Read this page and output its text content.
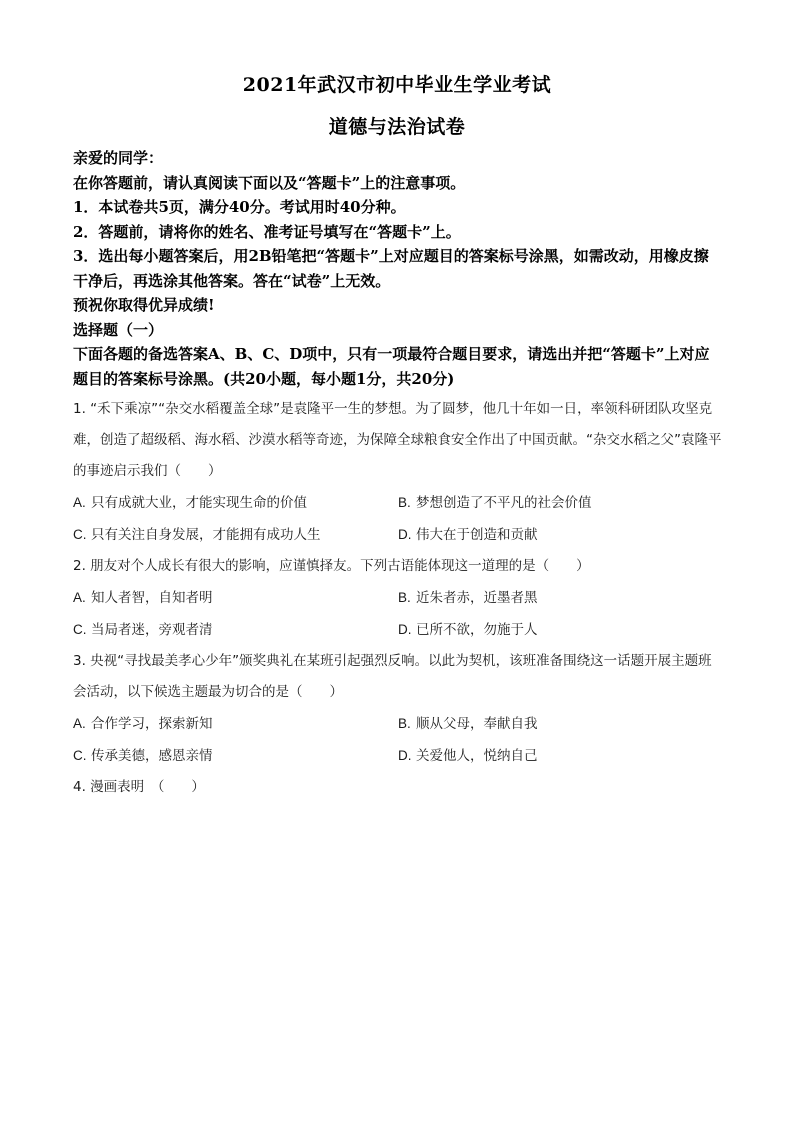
2021年武汉市初中毕业生学业考试
道德与法治试卷

亲爱的同学：

在你答题前，请认真阅读下面以及“答题卡”上的注意事项。

1．本试卷共5页，满分40分。考试用时40分种。

2．答题前，请将你的姓名、准考证号填写在“答题卡”上。

3．选出每小题答案后，用2B铅笔把“答题卡”上对应题目的答案标号涂黑，如需改动，用橡皮擦干净后，再选涂其他答案。答在“试卷”上无效。

预祝你取得优异成绩!

选择题（一）

下面各题的备选答案A、B、C、D项中，只有一项最符合题目要求，请选出并把“答题卡”上对应题目的答案标号涂黑。(共20小题，每小题1分，共20分)

1. “禾下乘凉”“杂交水稻覆盖全球”是袁隆平一生的梦想。为了圆梦，他几十年如一日，率领科研团队攻坚克难，创造了超级稻、海水稻、沙漠水稻等奇迹，为保障全球粮食安全作出了中国贡献。“杂交水稻之父”袁隆平的事迹启示我们（　　）

A. 只有成就大业，才能实现生命的价值	B. 梦想创造了不平凡的社会价值
C. 只有关注自身发展，才能拥有成功人生	D. 伟大在于创造和贡献

2. 朋友对个人成长有很大的影响，应谨慎择友。下列古语能体现这一道理的是（　　）

A. 知人者智，自知者明	B. 近朱者赤，近墨者黑
C. 当局者迷，旁观者清	D. 已所不欲，勿施于人

3. 央视“寻找最美孝心少年”颁奖典礼在某班引起强烈反响。以此为契机，该班准备围绕这一话题开展主题班会活动，以下候选主题最为切合的是（　　）

A. 合作学习，探索新知	B. 顺从父母，奉献自我
C. 传承美德，感恩亲情	D. 关爱他人，悦纳自己

4. 漫画表明　（　　）
